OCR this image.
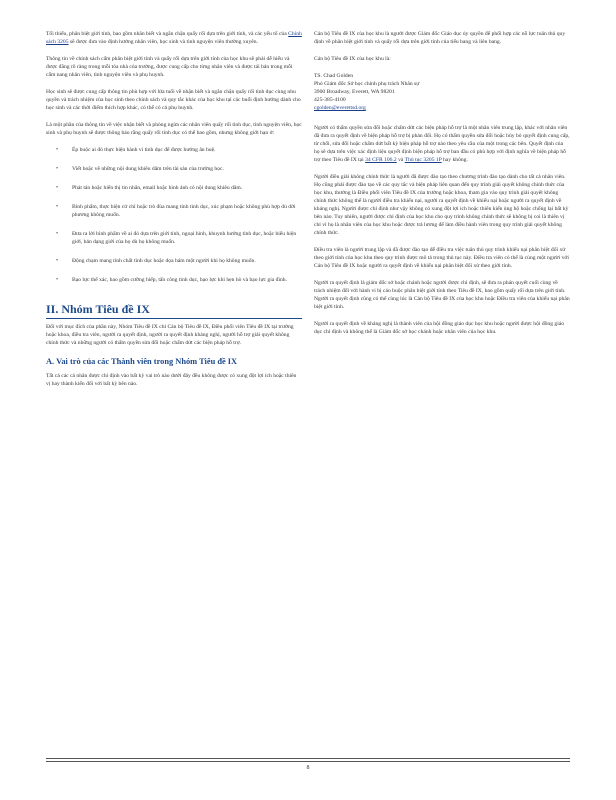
Tối thiểu, phân biệt giới tính, bao gồm nhân biết và ngăn chặn quấy rối dựa trên giới tính, và các yếu tố của Chính sách 3205 sẽ được đưa vào định hướng nhân viên, học sinh và tình nguyện viên thường xuyên.

Thông tin về chính sách cấm phân biệt giới tính và quấy rối dựa trên giới tính của học khu sẽ phải dễ hiểu và được đăng rõ ràng trong mỗi tòa nhà của trường, được cung cấp cho từng nhân viên và được tái bản trong mỗi cẩm nang nhân viên, tình nguyện viên và phụ huynh.

Học sinh sẽ được cung cấp thông tin phù hợp với lứa tuổi về nhận biết và ngăn chặn quấy rối tình dục cùng nhu quyền và trách nhiệm của học sinh theo chính sách và quy tắc khác của học khu tại các buổi định hướng dành cho học sinh và các thời điểm thích hợp khác, có thể có cả phụ huynh.

Là một phần của thông tin về việc nhận biết và phòng ngừa các nhân viên quấy rối tình dục, tình nguyện viên, học sinh và phụ huynh sẽ được thông báo rằng quấy rối tình dục có thể bao gồm, nhưng không giới hạn ở:

• Ép buộc ai đó thực hiện hành vi tình dục để được hưởng ân huệ.
• Viết hoặc vẽ những nội dung khiêu dâm trên tài sản của trường học.
• Phát tán hoặc hiển thị tin nhắn, email hoặc hình ảnh có nội dung khiêu dâm.
• Bình phẩm, thực hiện cử chỉ hoặc trò đùa mang tính tình dục, xúc phạm hoặc không phù hợp dù dời phương không muốn.
• Đưa ra lời bình phẩm về ai đó dựa trên giới tính, ngoại hình, khuynh hướng tình dục, hoặc biểu hiện giới, bản dạng giới của họ dù họ không muốn.
• Động chạm mang tính chất tình dục hoặc dọa bám một người khi họ không muốn.
• Bạo lực thể xác, bao gồm cưỡng hiếp, tấn công tình dục, bạo lực khi hẹn hò và bạo lực gia đình.
II. Nhóm Tiêu đề IX

Đối với mục đích của phần này, Nhóm Tiêu đề IX chỉ Cán bộ Tiêu đề IX, Điều phối viên Tiêu đề IX tại trường hoặc khoa, điều tra viên, người ra quyết định, người ra quyết định kháng nghị, người hỗ trợ giải quyết không chính thức và những người có thẩm quyền sửa đổi hoặc chấm dứt các biện pháp hỗ trợ.

A. Vai trò của các Thành viên trong Nhóm Tiêu đề IX

Tất cả các cá nhân được chỉ định vào bất kỳ vai trò nào dưới đây đều không được có xung đột lợi ích hoặc thiên vị hay thành kiến đối với bất kỳ bên nào.

Cán bộ Tiêu đề IX của học khu là người được Giám đốc Giáo dục ủy quyền để phối hợp các nỗ lực tuân thủ quy định về phân biệt giới tính và quấy rối dựa trên giới tính của tiểu bang và liên bang.

Cán bộ Tiêu đề IX của học khu là:

TS. Chad Golden

Phó Giám đốc Sở học chính phụ trách Nhân sự

3900 Broadway, Everett, WA 98201

425-385-4100

cgolden@everettsd.org

Người có thẩm quyền sửa đổi hoặc chấm dứt các biện pháp hỗ trợ là một nhân viên trung lập, khác với nhân viên đã đưa ra quyết định về biện pháp hỗ trợ bị phản đối. Họ có thẩm quyền sửa đổi hoặc hủy bỏ quyết định cung cấp, từ chối, sửa đổi hoặc chấm dứt bất kỳ biện pháp hỗ trợ nào theo yêu cầu của một trong các bên. Quyết định của họ sẽ dựa trên việc xác định liệu quyết định biện pháp hỗ trợ ban đầu có phù hợp với định nghĩa về biện pháp hỗ trợ theo Tiêu đề IX tại 34 CFR 106.2 và Thủ tục 3205 1P hay không.

Người điều giải không chính thức là người đã được đào tạo theo chương trình đào tạo dành cho tất cả nhân viên. Họ cũng phải được đào tạo về các quy tắc và biện pháp liên quan đến quy trình giải quyết không chính thức của học khu, thường là Điều phối viên Tiêu đề IX của trường hoặc khoa, tham gia vào quy trình giải quyết không chính thức không thể là người điều tra khiếu nại, người ra quyết định về khiếu nại hoặc người ra quyết định về kháng nghị. Người được chỉ định như vậy không có xung đột lợi ích hoặc thiên kiến ủng hộ hoặc chống lại bất kỳ bên nào. Tuy nhiên, người được chỉ định của học khu cho quy trình không chính thức sẽ không bị coi là thiên vị chỉ vì họ là nhân viên của học khu hoặc được trả lương để làm điều hành viên trong quy trình giải quyết không chính thức.

Điều tra viên là người trung lập và đã được đào tạo để điều tra việc tuân thủ quy trình khiếu nại phân biệt đối xử theo giới tính của học khu theo quy trình được mô tả trong thủ tục này. Điều tra viên có thể là cùng một người với Cán bộ Tiêu đề IX hoặc người ra quyết định về khiếu nại phân biệt đối xử theo giới tính.

Người ra quyết định là giám đốc sở hoặc chánh hoặc người được chỉ định, sẽ đưa ra phán quyết cuối cùng về trách nhiệm đối với hành vi bị cáo buộc phân biệt giới tính theo Tiêu đề IX, bao gồm quấy rối dựa trên giới tính. Người ra quyết định cũng có thể cùng lúc là Cán bộ Tiêu đề IX của học khu hoặc Điều tra viên của khiếu nại phân biệt giới tính.

Người ra quyết định về kháng nghị là thành viên của hội đồng giáo dục học khu hoặc người được hội đồng giáo dục chỉ định và không thể là Giám đốc sở học chánh hoặc nhân viên của học khu.

8
